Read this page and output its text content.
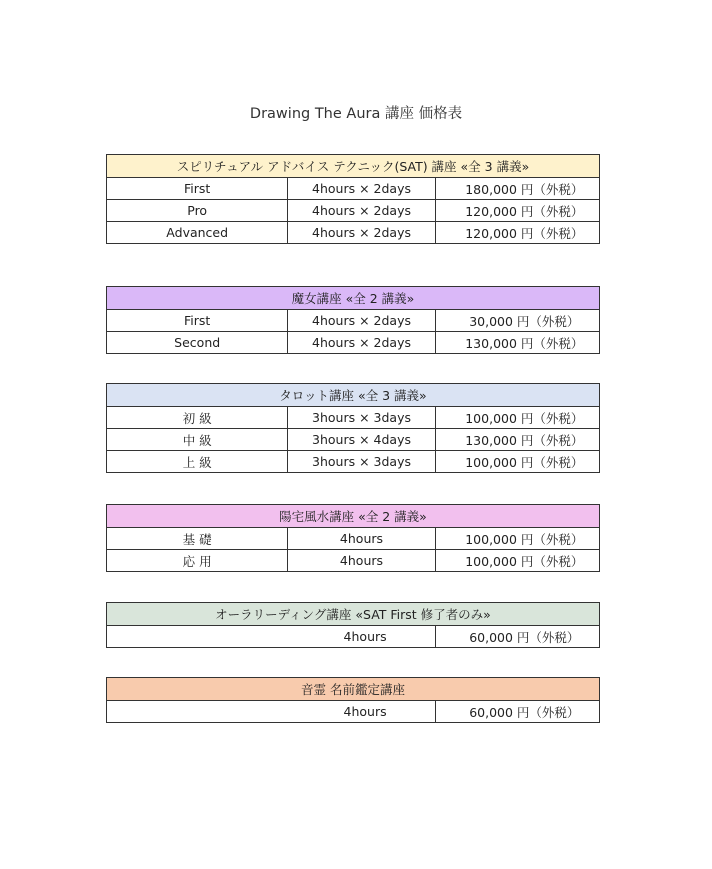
Drawing The Aura 講座 価格表
スピリチュアル アドバイス テクニック(SAT) 講座 «全 3 講義»		
First	4hours × 2days	180,000 円（外税）
Pro	4hours × 2days	120,000 円（外税）
Advanced	4hours × 2days	120,000 円（外税）
魔女講座 «全 2 講義»		
First	4hours × 2days	30,000 円（外税）
Second	4hours × 2days	130,000 円（外税）
タロット講座 «全 3 講義»		
初 級	3hours × 3days	100,000 円（外税）
中 級	3hours × 4days	130,000 円（外税）
上 級	3hours × 3days	100,000 円（外税）
陽宅風水講座 «全 2 講義»		
基 礎	4hours	100,000 円（外税）
応 用	4hours	100,000 円（外税）
オーラリーディング講座 «SAT First 修了者のみ»
4hours	60,000 円（外税）
音霊 名前鑑定講座
4hours	60,000 円（外税）
